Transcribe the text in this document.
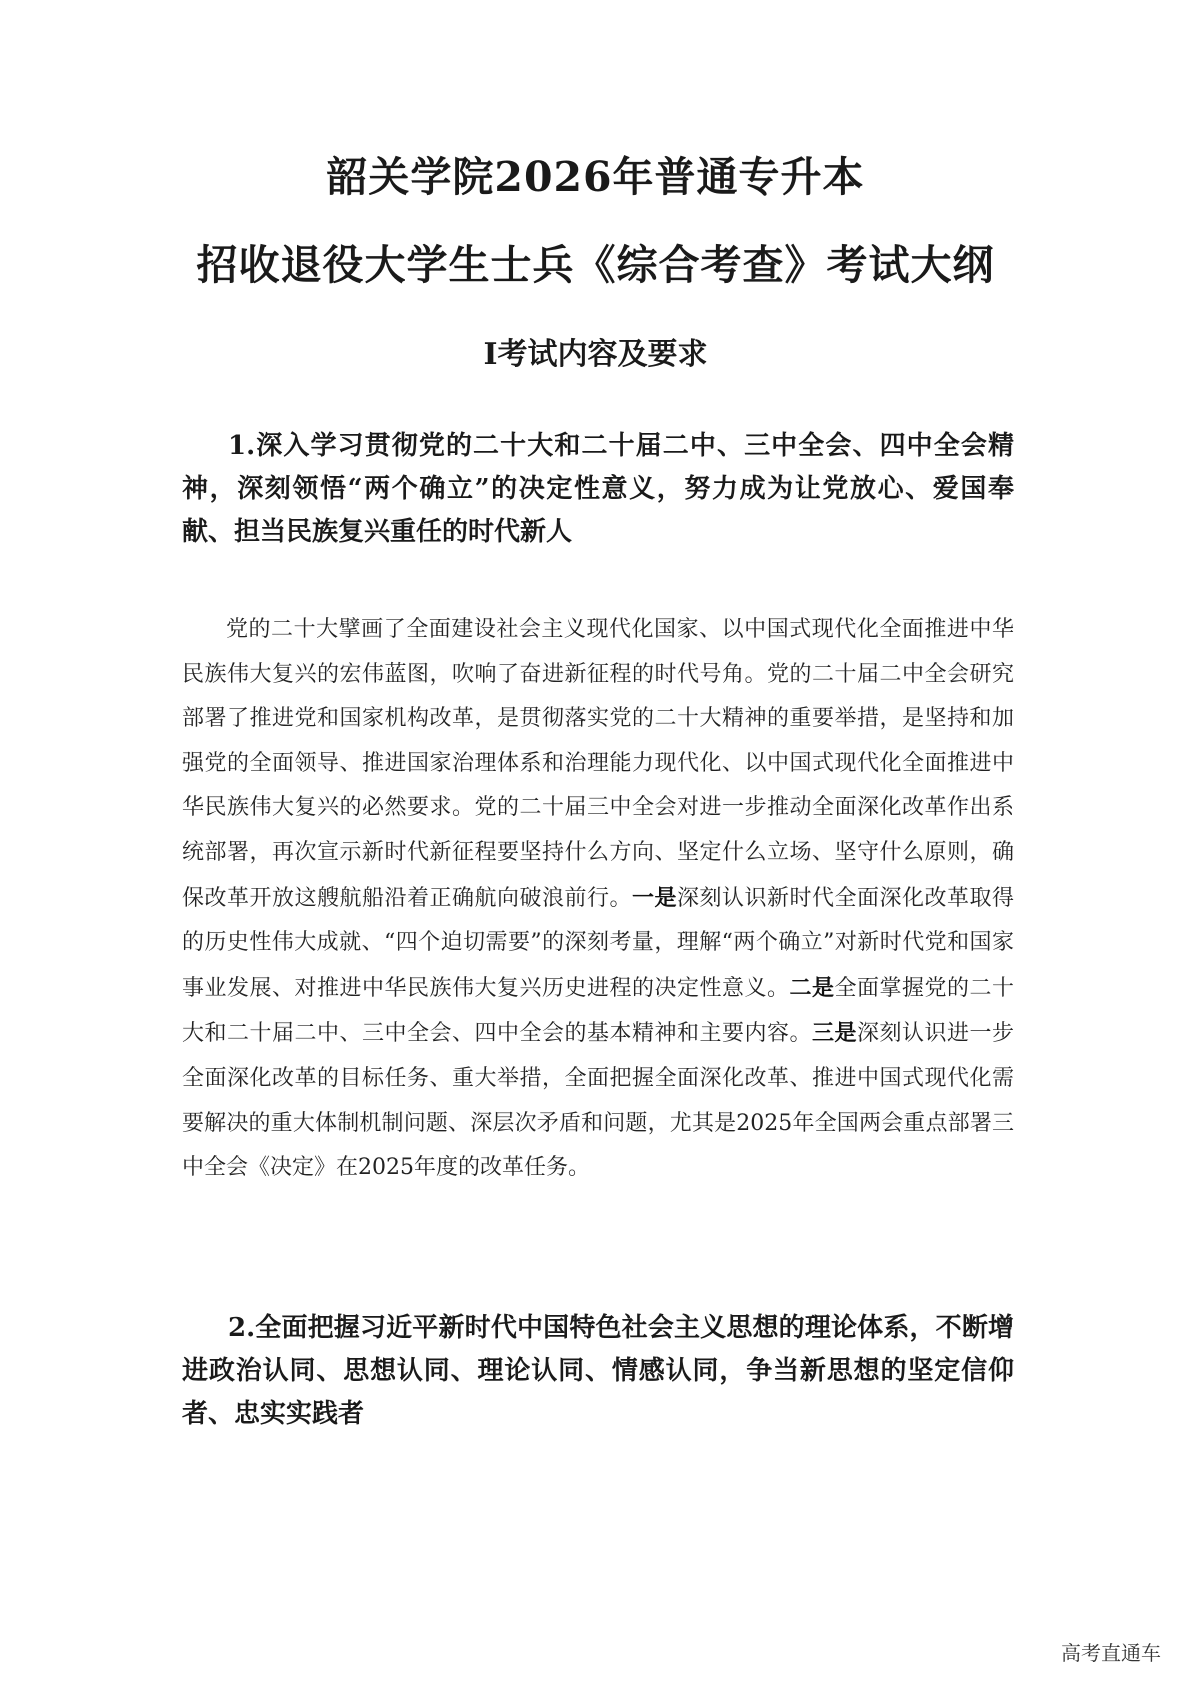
韶关学院2026年普通专升本
招收退役大学生士兵《综合考查》考试大纲
Ⅰ考试内容及要求

1.深入学习贯彻党的二十大和二十届二中、三中全会、四中全会精神，深刻领悟“两个确立”的决定性意义，努力成为让党放心、爱国奉献、担当民族复兴重任的时代新人

党的二十大擘画了全面建设社会主义现代化国家、以中国式现代化全面推进中华民族伟大复兴的宏伟蓝图，吹响了奋进新征程的时代号角。党的二十届二中全会研究部署了推进党和国家机构改革，是贯彻落实党的二十大精神的重要举措，是坚持和加强党的全面领导、推进国家治理体系和治理能力现代化、以中国式现代化全面推进中华民族伟大复兴的必然要求。党的二十届三中全会对进一步推动全面深化改革作出系统部署，再次宣示新时代新征程要坚持什么方向、坚定什么立场、坚守什么原则，确保改革开放这艘航船沿着正确航向破浪前行。一是深刻认识新时代全面深化改革取得的历史性伟大成就、“四个迫切需要”的深刻考量，理解“两个确立”对新时代党和国家事业发展、对推进中华民族伟大复兴历史进程的决定性意义。二是全面掌握党的二十大和二十届二中、三中全会、四中全会的基本精神和主要内容。三是深刻认识进一步全面深化改革的目标任务、重大举措，全面把握全面深化改革、推进中国式现代化需要解决的重大体制机制问题、深层次矛盾和问题，尤其是2025年全国两会重点部署三中全会《决定》在2025年度的改革任务。

2.全面把握习近平新时代中国特色社会主义思想的理论体系，不断增进政治认同、思想认同、理论认同、情感认同，争当新思想的坚定信仰者、忠实实践者

高考直通车
